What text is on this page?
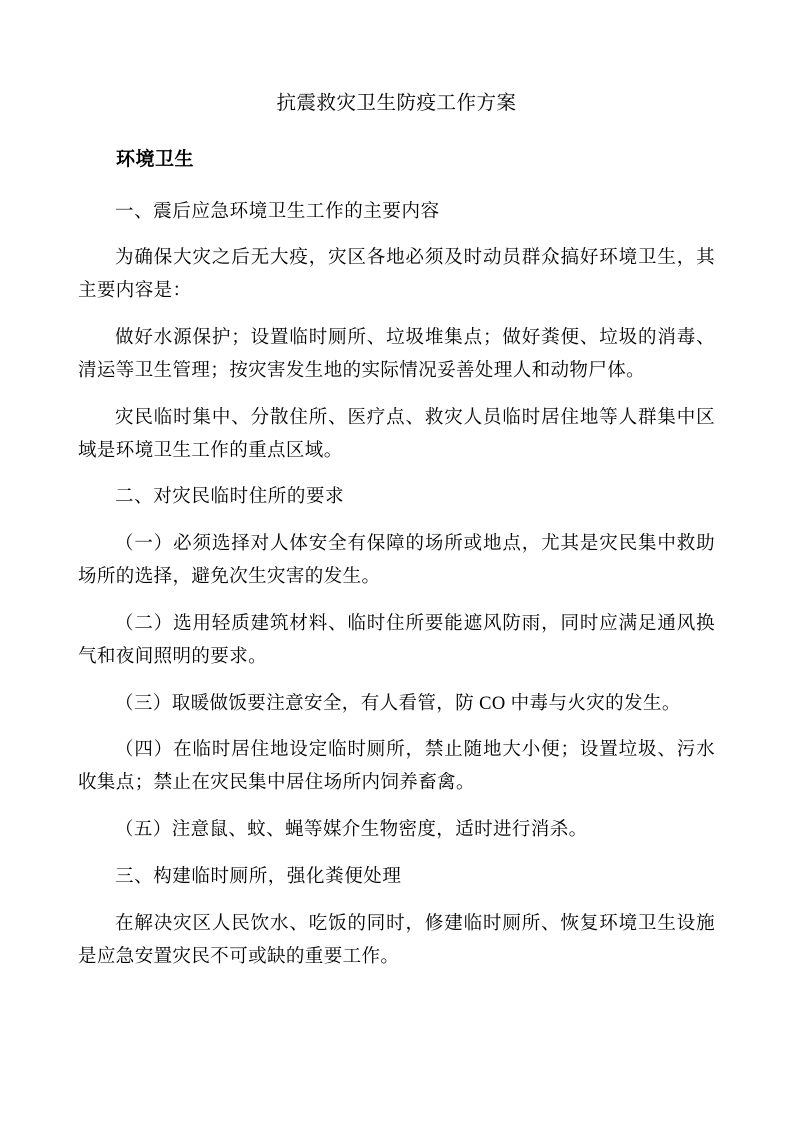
抗震救灾卫生防疫工作方案
环境卫生

一、震后应急环境卫生工作的主要内容

为确保大灾之后无大疫，灾区各地必须及时动员群众搞好环境卫生，其主要内容是：

做好水源保护；设置临时厕所、垃圾堆集点；做好粪便、垃圾的消毒、清运等卫生管理；按灾害发生地的实际情况妥善处理人和动物尸体。

灾民临时集中、分散住所、医疗点、救灾人员临时居住地等人群集中区域是环境卫生工作的重点区域。

二、对灾民临时住所的要求

（一）必须选择对人体安全有保障的场所或地点，尤其是灾民集中救助场所的选择，避免次生灾害的发生。

（二）选用轻质建筑材料、临时住所要能遮风防雨，同时应满足通风换气和夜间照明的要求。

（三）取暖做饭要注意安全，有人看管，防 CO 中毒与火灾的发生。

（四）在临时居住地设定临时厕所，禁止随地大小便；设置垃圾、污水收集点；禁止在灾民集中居住场所内饲养畜禽。

（五）注意鼠、蚊、蝇等媒介生物密度，适时进行消杀。

三、构建临时厕所，强化粪便处理

在解决灾区人民饮水、吃饭的同时，修建临时厕所、恢复环境卫生设施是应急安置灾民不可或缺的重要工作。
